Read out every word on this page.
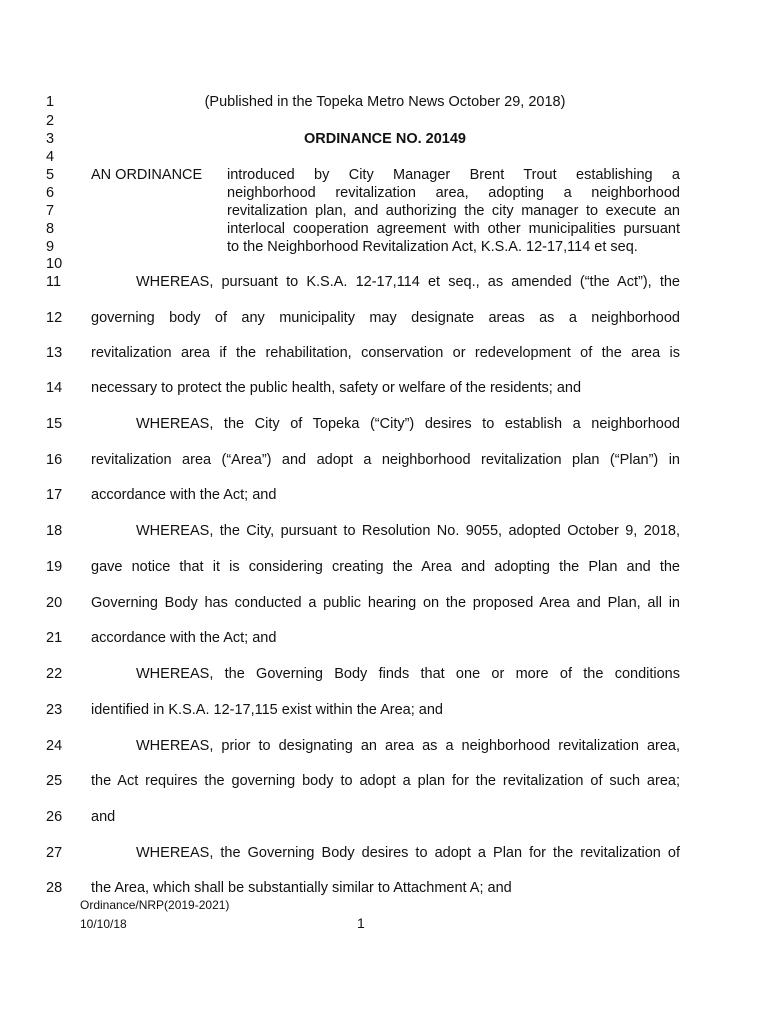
1
2
3
4
5
6
7
8
9
10
11
12
13
14
15
16
17
18
19
20
21
22
23
24
25
26
27
28
(Published in the Topeka Metro News October 29, 2018)
ORDINANCE NO. 20149
AN ORDINANCE introduced by City Manager Brent Trout establishing a
neighborhood revitalization area, adopting a neighborhood
revitalization plan, and authorizing the city manager to execute an
interlocal cooperation agreement with other municipalities pursuant
to the Neighborhood Revitalization Act, K.S.A. 12-17,114 et seq.
WHEREAS, pursuant to K.S.A. 12-17,114 et seq., as amended (“the Act”), the
governing body of any municipality may designate areas as a neighborhood
revitalization area if the rehabilitation, conservation or redevelopment of the area is
necessary to protect the public health, safety or welfare of the residents; and
WHEREAS, the City of Topeka (“City”) desires to establish a neighborhood
revitalization area (“Area”) and adopt a neighborhood revitalization plan (“Plan”) in
accordance with the Act; and
WHEREAS, the City, pursuant to Resolution No. 9055, adopted October 9, 2018,
gave notice that it is considering creating the Area and adopting the Plan and the
Governing Body has conducted a public hearing on the proposed Area and Plan, all in
accordance with the Act; and
WHEREAS, the Governing Body finds that one or more of the conditions
identified in K.S.A. 12-17,115 exist within the Area; and
WHEREAS, prior to designating an area as a neighborhood revitalization area,
the Act requires the governing body to adopt a plan for the revitalization of such area;
and
WHEREAS, the Governing Body desires to adopt a Plan for the revitalization of
the Area, which shall be substantially similar to Attachment A; and
Ordinance/NRP(2019-2021)
10/10/18	1
